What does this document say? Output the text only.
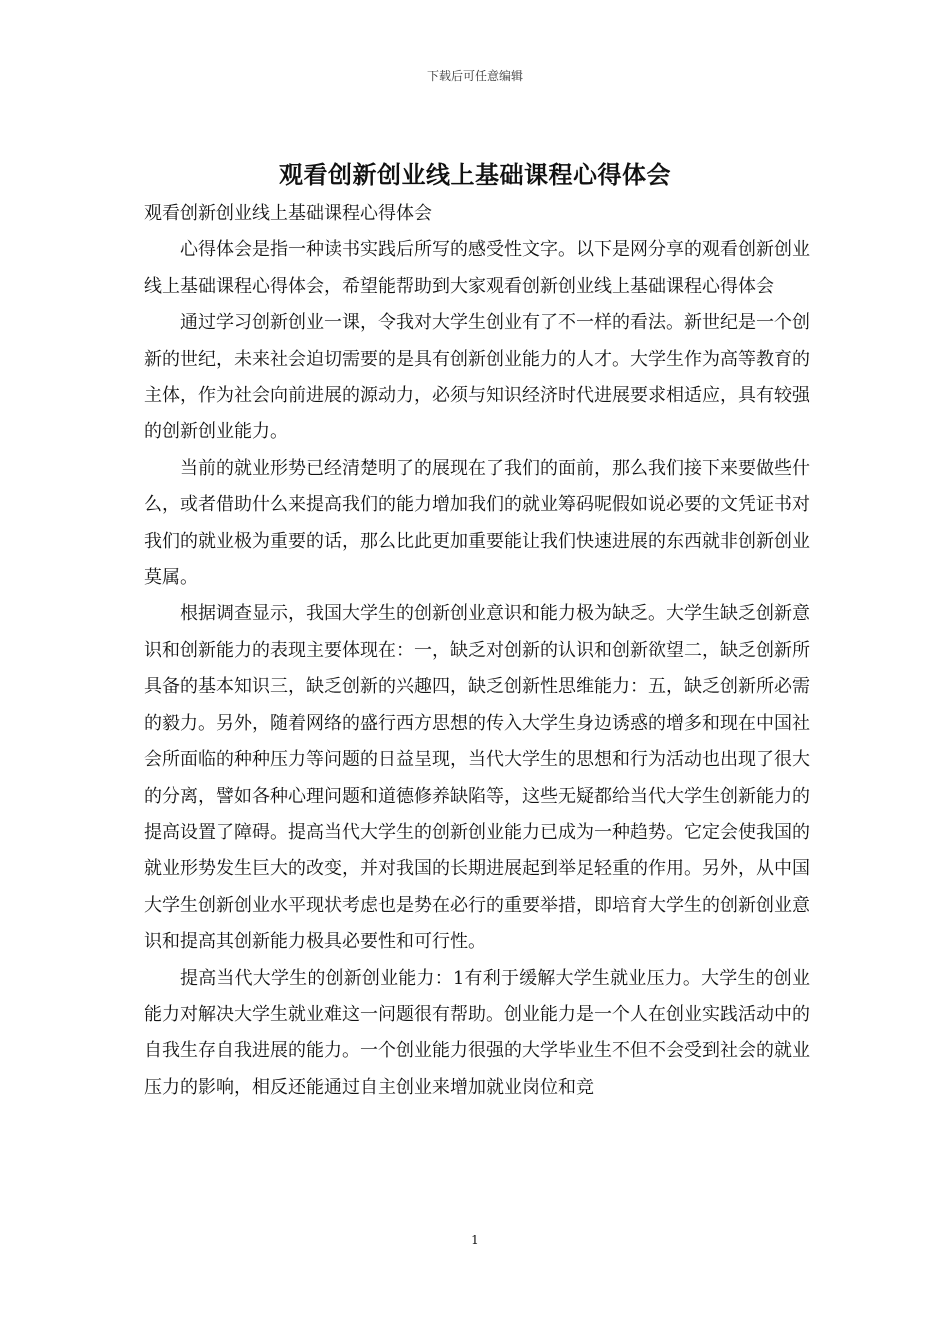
下载后可任意编辑
观看创新创业线上基础课程心得体会

观看创新创业线上基础课程心得体会

心得体会是指一种读书实践后所写的感受性文字。以下是网分享的观看创新创业线上基础课程心得体会，希望能帮助到大家观看创新创业线上基础课程心得体会

通过学习创新创业一课，令我对大学生创业有了不一样的看法。新世纪是一个创新的世纪，未来社会迫切需要的是具有创新创业能力的人才。大学生作为高等教育的主体，作为社会向前进展的源动力，必须与知识经济时代进展要求相适应，具有较强的创新创业能力。

当前的就业形势已经清楚明了的展现在了我们的面前，那么我们接下来要做些什么，或者借助什么来提高我们的能力增加我们的就业筹码呢假如说必要的文凭证书对我们的就业极为重要的话，那么比此更加重要能让我们快速进展的东西就非创新创业莫属。

根据调查显示，我国大学生的创新创业意识和能力极为缺乏。大学生缺乏创新意识和创新能力的表现主要体现在：一，缺乏对创新的认识和创新欲望二，缺乏创新所具备的基本知识三，缺乏创新的兴趣四，缺乏创新性思维能力：五，缺乏创新所必需的毅力。另外，随着网络的盛行西方思想的传入大学生身边诱惑的增多和现在中国社会所面临的种种压力等问题的日益呈现，当代大学生的思想和行为活动也出现了很大的分离，譬如各种心理问题和道德修养缺陷等，这些无疑都给当代大学生创新能力的提高设置了障碍。提高当代大学生的创新创业能力已成为一种趋势。它定会使我国的就业形势发生巨大的改变，并对我国的长期进展起到举足轻重的作用。另外，从中国大学生创新创业水平现状考虑也是势在必行的重要举措，即培育大学生的创新创业意识和提高其创新能力极具必要性和可行性。

提高当代大学生的创新创业能力：1有利于缓解大学生就业压力。大学生的创业能力对解决大学生就业难这一问题很有帮助。创业能力是一个人在创业实践活动中的自我生存自我进展的能力。一个创业能力很强的大学毕业生不但不会受到社会的就业压力的影响，相反还能通过自主创业来增加就业岗位和竞

1
